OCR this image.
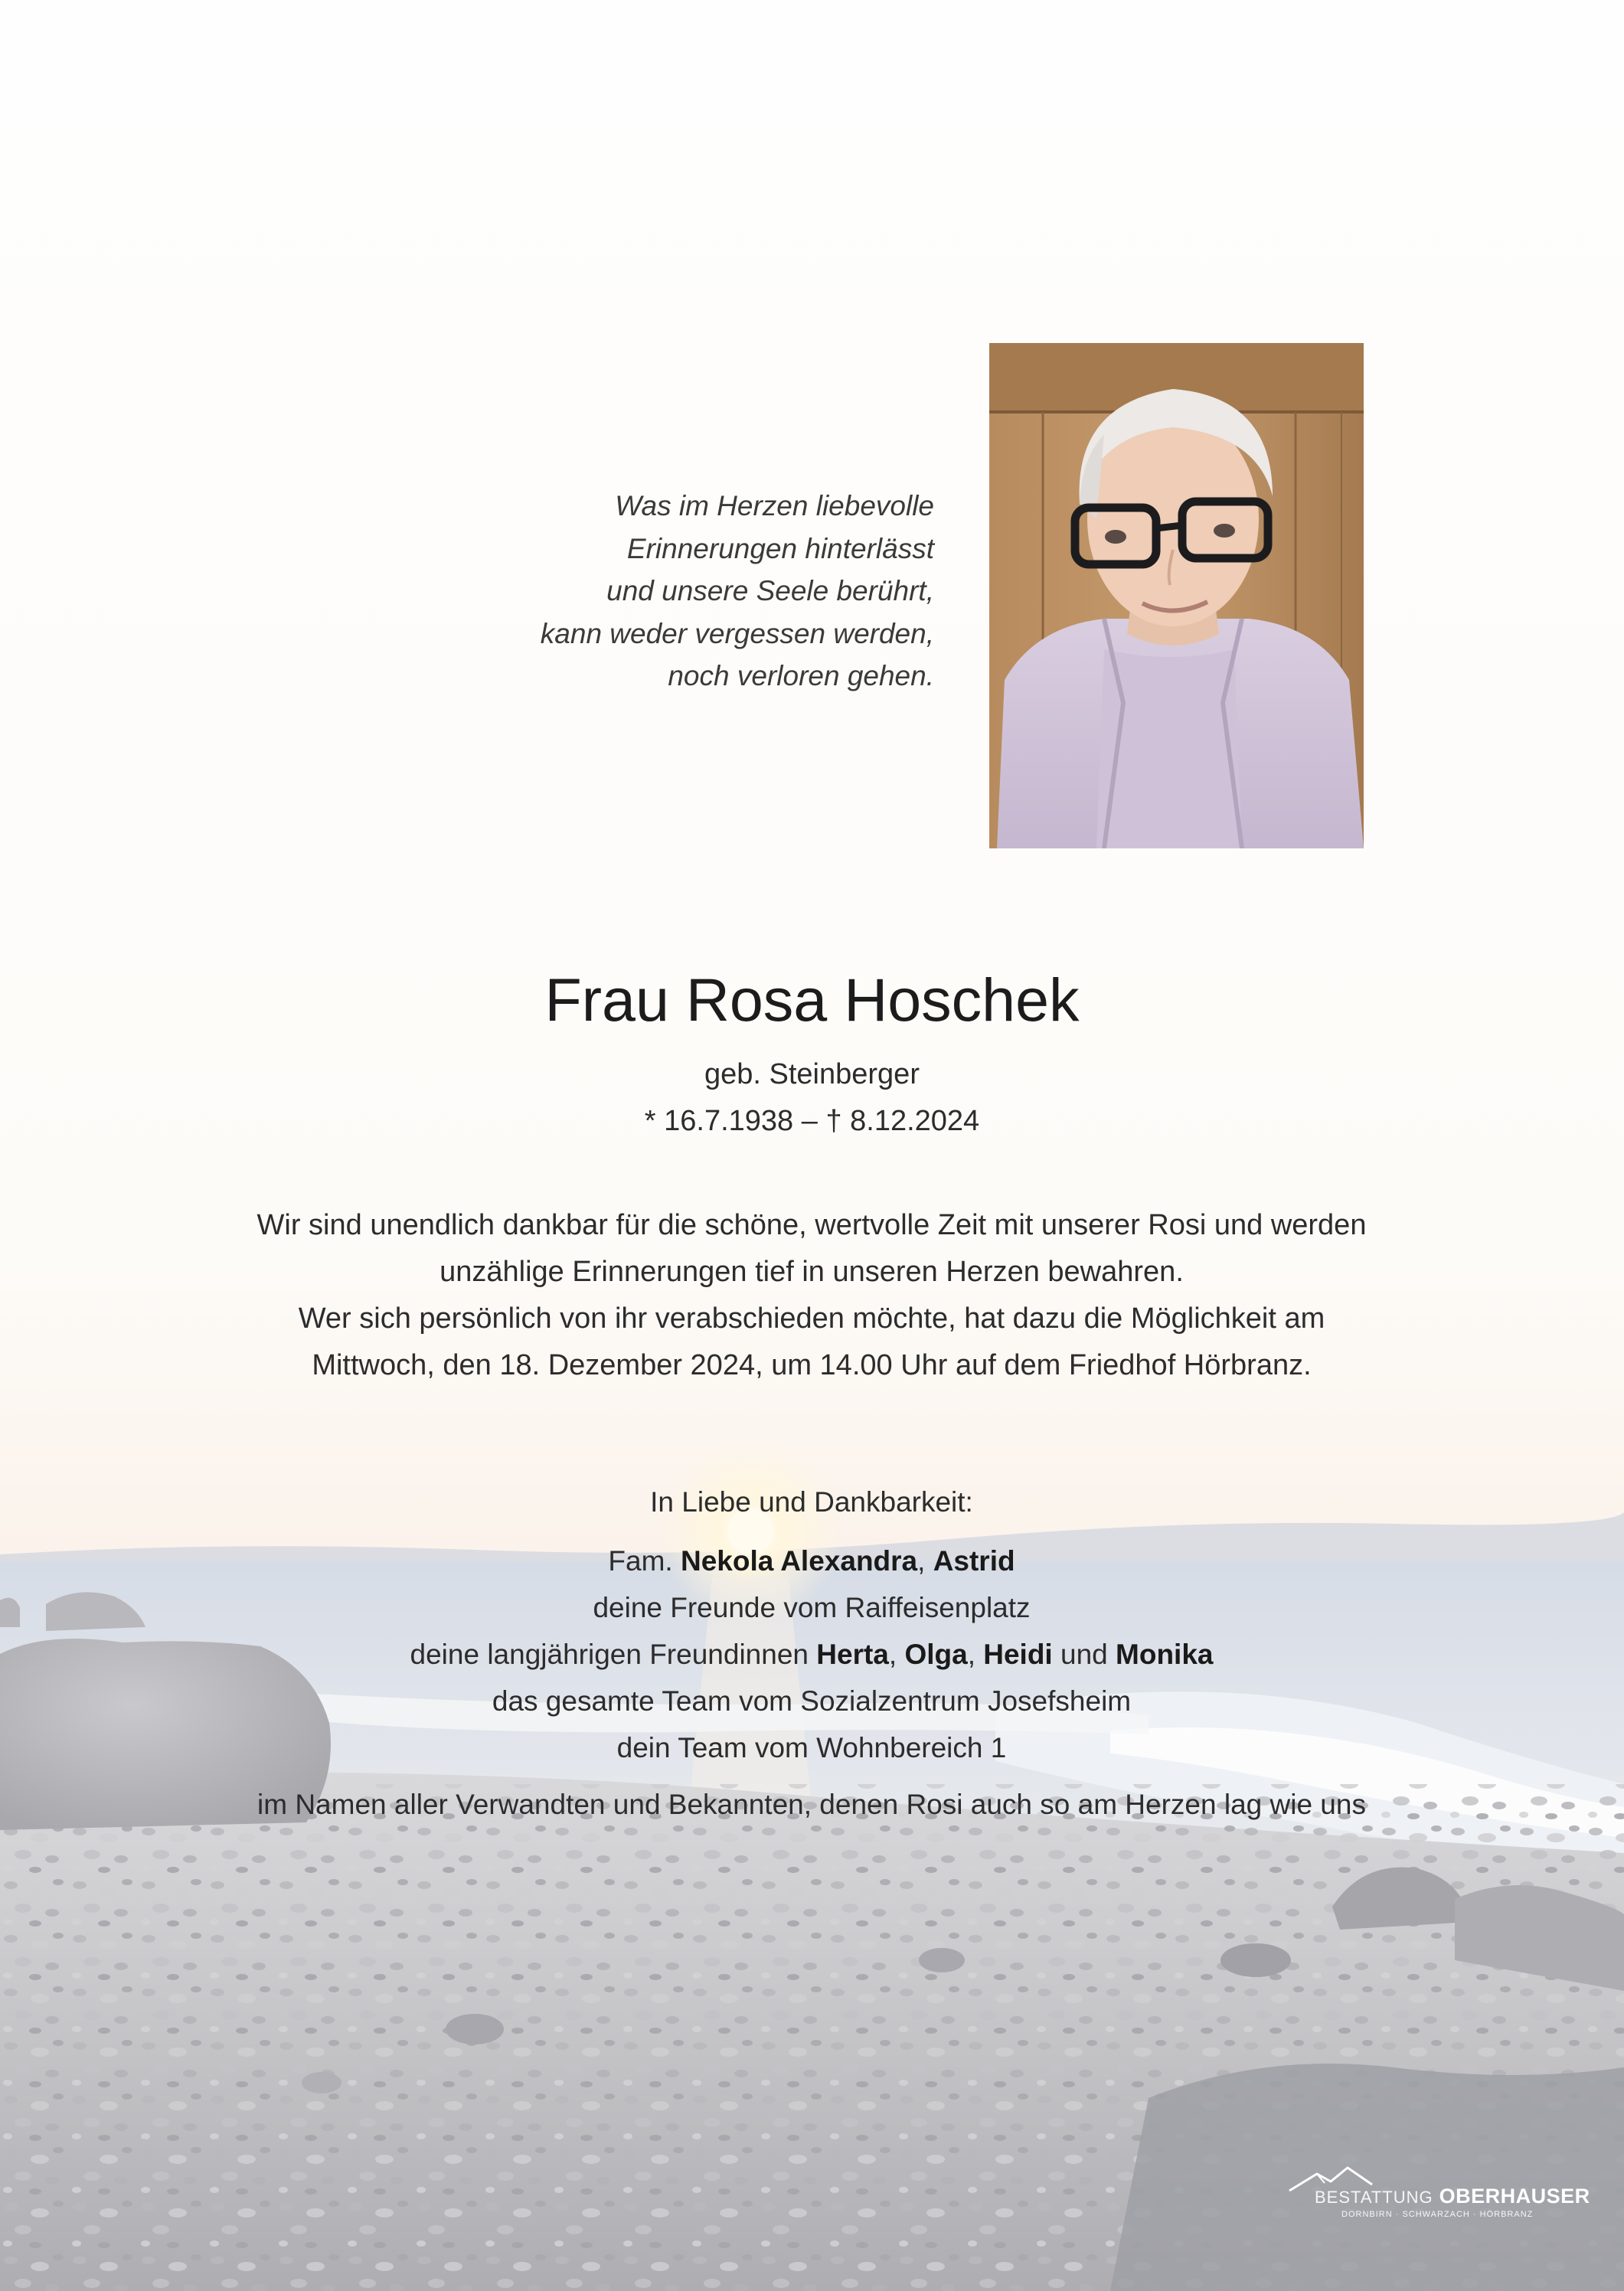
Was im Herzen liebevolle
Erinnerungen hinterlässt
und unsere Seele berührt,
kann weder vergessen werden,
noch verloren gehen.
Frau Rosa Hoschek
geb. Steinberger
* 16.7.1938 – † 8.12.2024
Wir sind unendlich dankbar für die schöne, wertvolle Zeit mit unserer Rosi und werden
unzählige Erinnerungen tief in unseren Herzen bewahren.
Wer sich persönlich von ihr verabschieden möchte, hat dazu die Möglichkeit am
Mittwoch, den 18. Dezember 2024, um 14.00 Uhr auf dem Friedhof Hörbranz.
In Liebe und Dankbarkeit:
Fam. Nekola Alexandra, Astrid
deine Freunde vom Raiffeisenplatz
deine langjährigen Freundinnen Herta, Olga, Heidi und Monika
das gesamte Team vom Sozialzentrum Josefsheim
dein Team vom Wohnbereich 1
im Namen aller Verwandten und Bekannten, denen Rosi auch so am Herzen lag wie uns
BESTATTUNG OBERHAUSER
DORNBIRN · SCHWARZACH · HÖRBRANZ
